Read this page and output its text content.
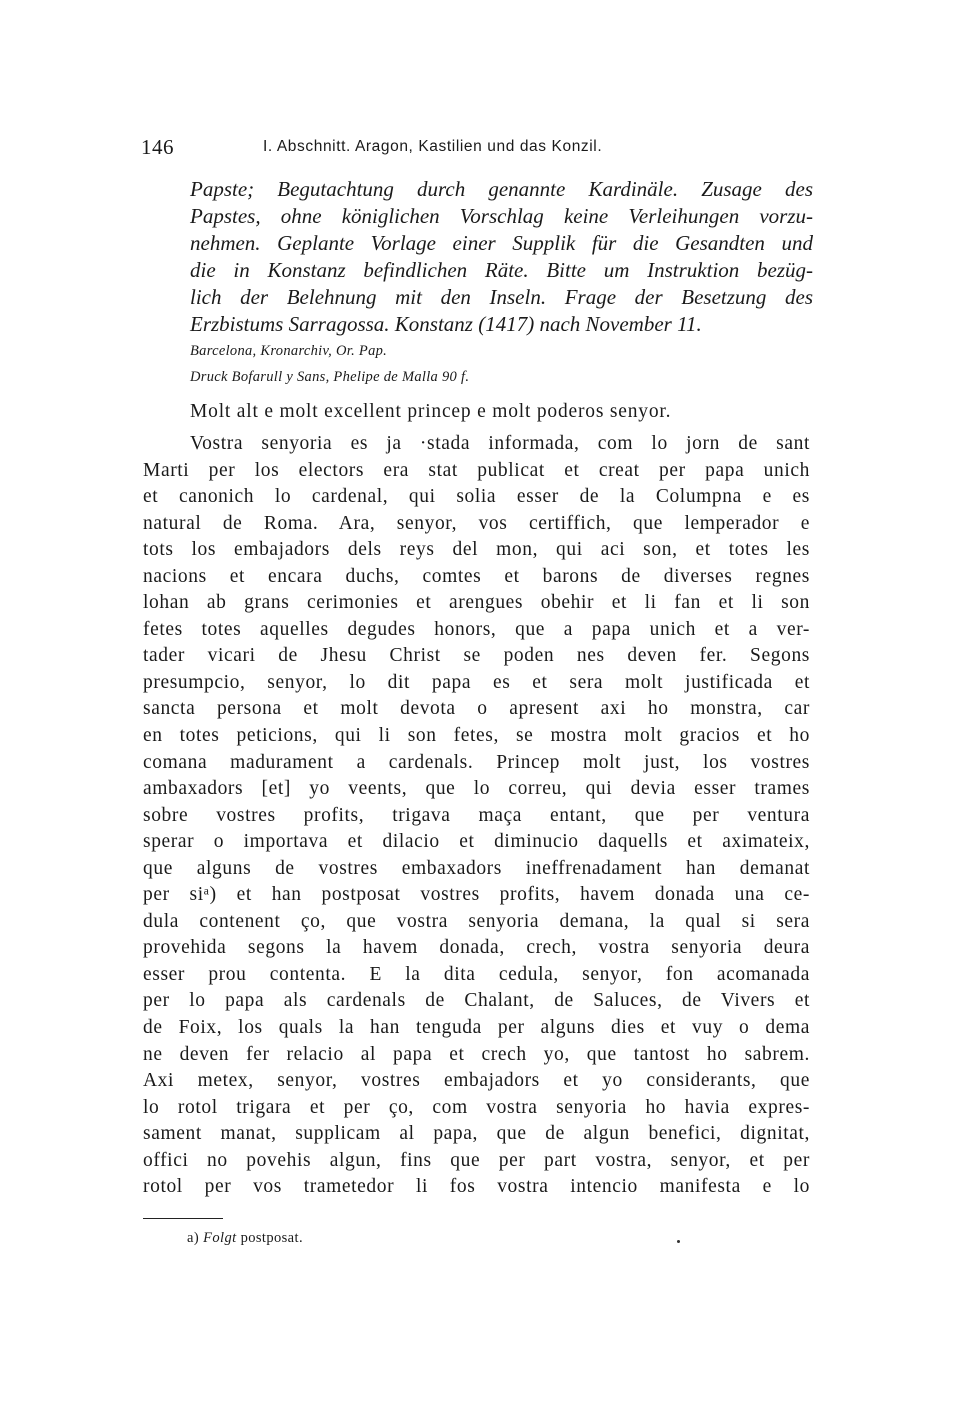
146	I. Abschnitt. Aragon, Kastilien und das Konzil.
Papste; Begutachtung durch genannte Kardinäle. Zusage des
Papstes, ohne königlichen Vorschlag keine Verleihungen vorzu-
nehmen. Geplante Vorlage einer Supplik für die Gesandten und
die in Konstanz befindlichen Räte. Bitte um Instruktion bezüg-
lich der Belehnung mit den Inseln. Frage der Besetzung des
Erzbistums Sarragossa. Konstanz (1417) nach November 11.
Barcelona, Kronarchiv, Or. Pap.
Druck Bofarull y Sans, Phelipe de Malla 90 f.
Molt alt e molt excellent princep e molt poderos senyor.
Vostra senyoria es ja ·stada informada, com lo jorn de sant
Marti per los electors era stat publicat et creat per papa unich
et canonich lo cardenal, qui solia esser de la Columpna e es
natural de Roma. Ara, senyor, vos certiffich, que lemperador e
tots los embajadors dels reys del mon, qui aci son, et totes les
nacions et encara duchs, comtes et barons de diverses regnes
lohan ab grans cerimonies et arengues obehir et li fan et li son
fetes totes aquelles degudes honors, que a papa unich et a ver-
tader vicari de Jhesu Christ se poden nes deven fer. Segons
presumpcio, senyor, lo dit papa es et sera molt justificada et
sancta persona et molt devota o apresent axi ho monstra, car
en totes peticions, qui li son fetes, se mostra molt gracios et ho
comana madurament a cardenals. Princep molt just, los vostres
ambaxadors [et] yo veents, que lo correu, qui devia esser trames
sobre vostres profits, trigava maça entant, que per ventura
sperar o importava et dilacio et diminucio daquells et aximateix,
que alguns de vostres embaxadors ineffrenadament han demanat
per siᵃ) et han postposat vostres profits, havem donada una ce-
dula contenent ço, que vostra senyoria demana, la qual si sera
provehida segons la havem donada, crech, vostra senyoria deura
esser prou contenta. E la dita cedula, senyor, fon acomanada
per lo papa als cardenals de Chalant, de Saluces, de Vivers et
de Foix, los quals la han tenguda per alguns dies et vuy o dema
ne deven fer relacio al papa et crech yo, que tantost ho sabrem.
Axi metex, senyor, vostres embajadors et yo considerants, que
lo rotol trigara et per ço, com vostra senyoria ho havia expres-
sament manat, supplicam al papa, que de algun benefici, dignitat,
offici no povehis algun, fins que per part vostra, senyor, et per
rotol per vos trametedor li fos vostra intencio manifesta e lo
a) Folgt postposat.
